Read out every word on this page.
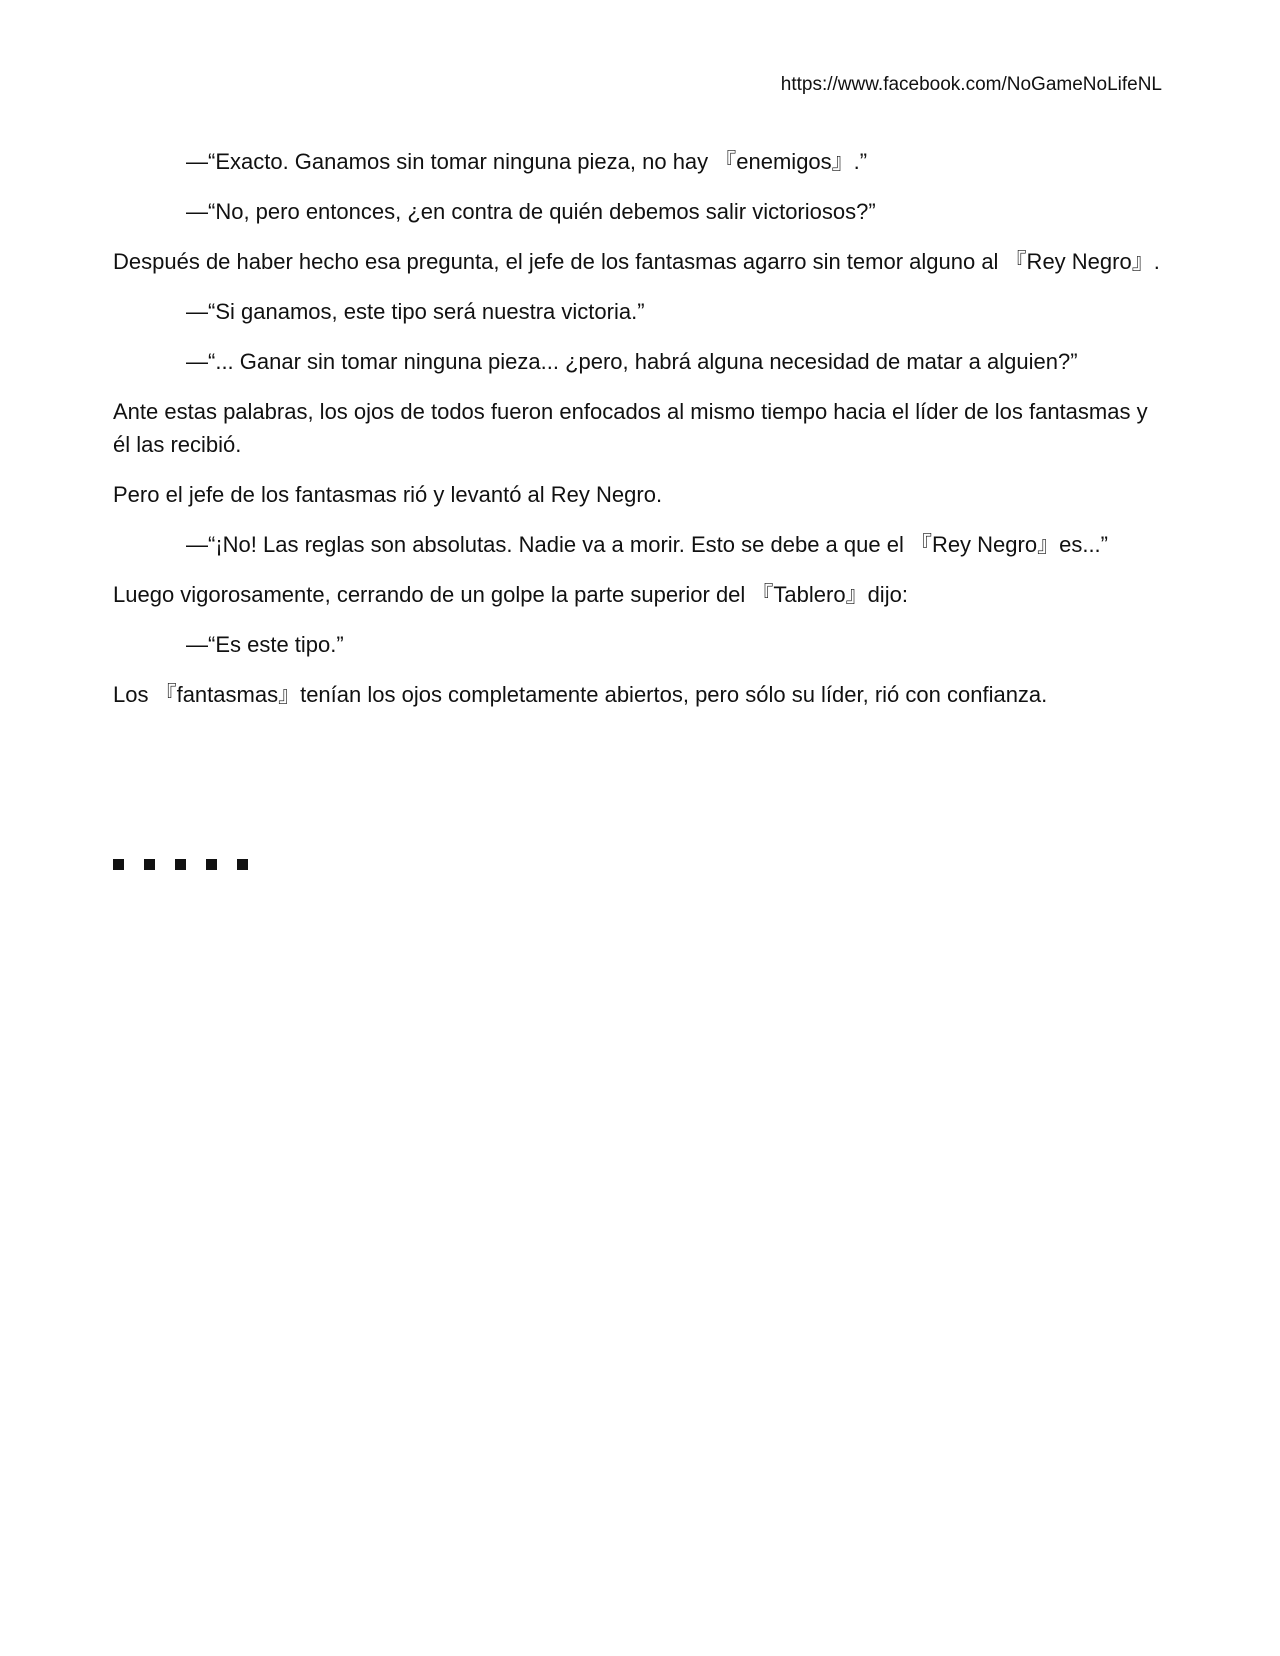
https://www.facebook.com/NoGameNoLifeNL

—“Exacto. Ganamos sin tomar ninguna pieza, no hay 『enemigos』.”

—“No, pero entonces, ¿en contra de quién debemos salir victoriosos?”

Después de haber hecho esa pregunta, el jefe de los fantasmas agarro sin temor alguno al 『Rey Negro』.

—“Si ganamos, este tipo será nuestra victoria.”

—“... Ganar sin tomar ninguna pieza... ¿pero, habrá alguna necesidad de matar a alguien?”

Ante estas palabras, los ojos de todos fueron enfocados al mismo tiempo hacia el líder de los fantasmas y él las recibió.

Pero el jefe de los fantasmas rió y levantó al Rey Negro.

—“¡No! Las reglas son absolutas. Nadie va a morir. Esto se debe a que el 『Rey Negro』es...”

Luego vigorosamente, cerrando de un golpe la parte superior del 『Tablero』dijo:

—“Es este tipo.”

Los 『fantasmas』tenían los ojos completamente abiertos, pero sólo su líder, rió con confianza.
